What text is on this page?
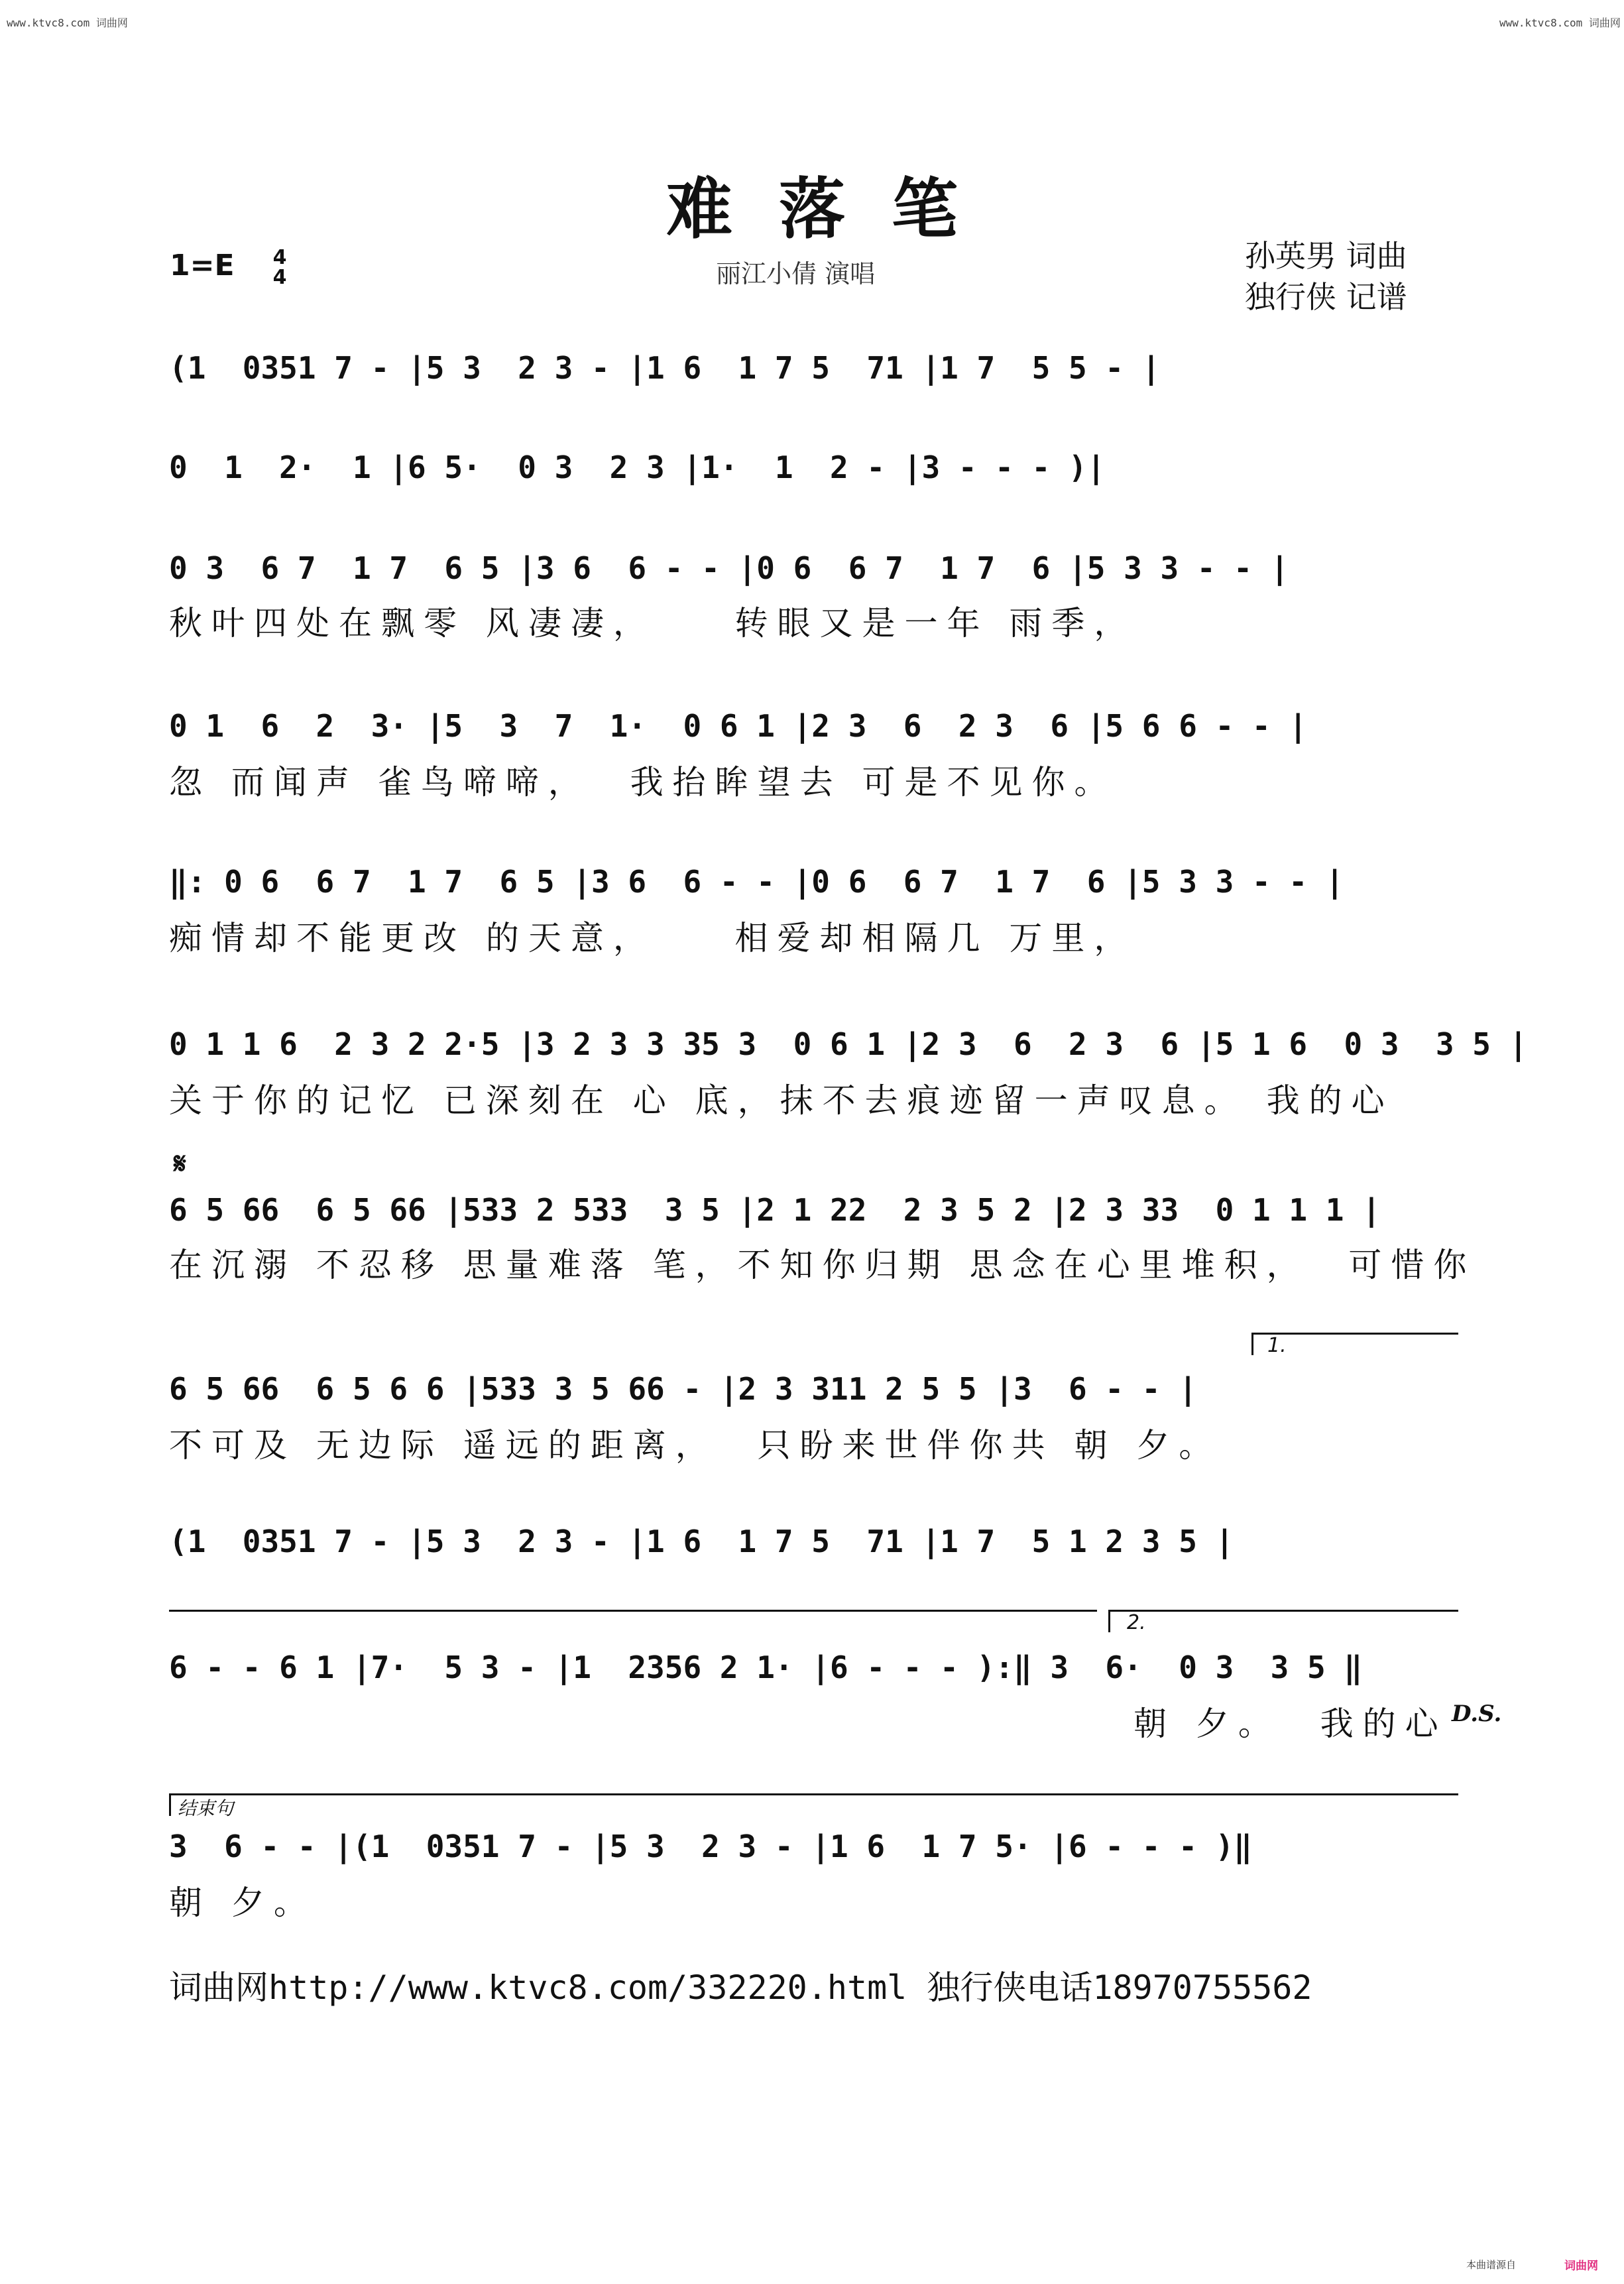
www.ktvc8.com 词曲网	www.ktvc8.com 词曲网
难落笔
1=E 4
4	丽江小倩 演唱	孙英男 词曲
独行侠 记谱
(1  0351 7 - |5 3  2 3 - |1 6  1 7 5  71 |1 7  5 5 - |
0  1  2·  1 |6 5·  0 3  2 3 |1·  1  2 - |3 - - - )|
0 3  6 7  1 7  6 5 |3 6  6 - - |0 6  6 7  1 7  6 |5 3 3 - - |
秋叶四处在飘零 风凄凄，    转眼又是一年 雨季，
0 1  6  2  3· |5  3  7  1·  0 6 1 |2 3  6  2 3  6 |5 6 6 - - |
忽 而闻声 雀鸟啼啼，  我抬眸望去 可是不见你。
‖: 0 6  6 7  1 7  6 5 |3 6  6 - - |0 6  6 7  1 7  6 |5 3 3 - - |
痴情却不能更改 的天意，    相爱却相隔几 万里，
0 1 1 6  2 3 2 2·5 |3 2 3 3 35 3  0 6 1 |2 3  6  2 3  6 |5 1 6  0 3  3 5 |
关于你的记忆 已深刻在 心 底，抹不去痕迹留一声叹息。 我的心
𝄋
6 5 66  6 5 66 |533 2 533  3 5 |2 1 22  2 3 5 2 |2 3 33  0 1 1 1 |
在沉溺 不忍移 思量难落 笔，不知你归期 思念在心里堆积，  可惜你
1.
6 5 66  6 5 6 6 |533 3 5 66 - |2 3 311 2 5 5 |3  6 - - |
不可及 无边际 遥远的距离，  只盼来世伴你共 朝 夕。
(1  0351 7 - |5 3  2 3 - |1 6  1 7 5  71 |1 7  5 1 2 3 5 |
2.
6 - - 6 1 |7·  5 3 - |1  2356 2 1· |6 - - - ):‖ 3  6·  0 3  3 5 ‖
朝 夕。  我的心 D.S.
结束句
3  6 - - |(1  0351 7 - |5 3  2 3 - |1 6  1 7 5· |6 - - - )‖
朝 夕。
词曲网http://www.ktvc8.com/332220.html 独行侠电话18970755562
本曲谱源自	词曲网
